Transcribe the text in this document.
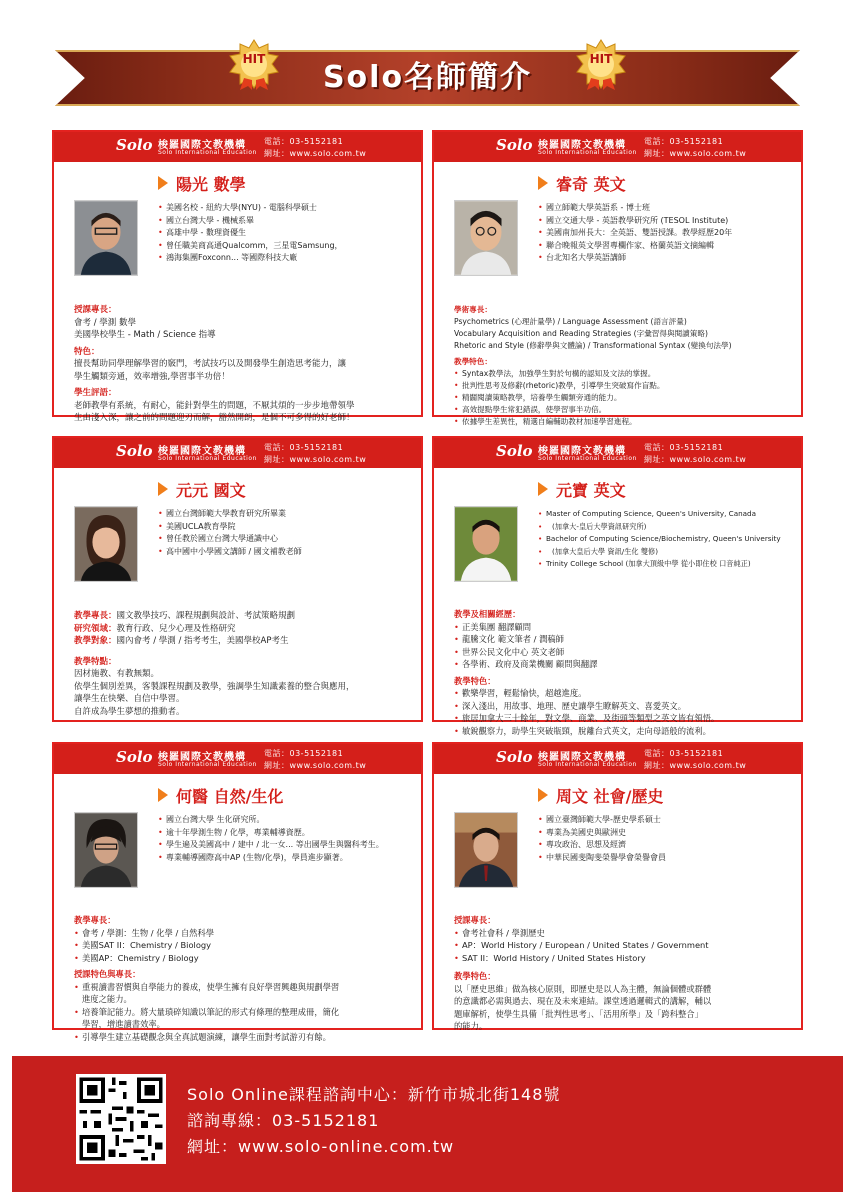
Solo名師簡介
HIT	HIT
Solo 梭羅國際文教機構
Solo International Education
電話：03-5152181
網址：www.solo.com.tw
陽光 數學
• 美國名校 - 紐約大學(NYU) - 電腦科學碩士
• 國立台灣大學 - 機械系畢
• 高雄中學 - 數理資優生
• 曾任職美商高通Qualcomm，三星電Samsung，
• 鴻海集團Foxconn... 等國際科技大廠
授課專長：
會考 / 學測 數學
美國學校學生 - Math / Science 指導
特色：
擅長幫助同學理解學習的竅門，考試技巧以及開發學生創造思考能力，讓
學生觸類旁通，效率增強,學習事半功倍！
學生評語：
老師教學有系統，有耐心，能針對學生的問題，不厭其煩的一步步地帶領學
生由淺入深，讓之前的問題迎刃而解，豁然開朗，是個不可多得的好老師！
Solo 梭羅國際文教機構
Solo International Education
電話：03-5152181
網址：www.solo.com.tw
睿奇 英文
• 國立師範大學英語系 - 博士班
• 國立交通大學 - 英語教學研究所 (TESOL Institute)
• 美國南加州長大：全英語、雙語授課。教學經歷20年
• 聯合晚報英文學習專欄作家、格蘭英語文摘編輯
• 台北知名大學英語講師
學術專長：
Psychometrics (心理計量學) / Language Assessment (語言評量)
Vocabulary Acquisition and Reading Strategies (字彙習得與閱讀策略)
Rhetoric and Style (修辭學與文體論) / Transformational Syntax (變換句法學)
教學特色：
• Syntax教學法，加強學生對於句構的認知及文法的掌握。
• 批判性思考及修辭(rhetoric)教學，引導學生突破寫作盲點。
• 精闢閱讀策略教學，培養學生觸類旁通的能力。
• 高效提點學生常犯錯誤，使學習事半功倍。
• 依據學生差異性，精選自編輔助教材加速學習進程。
Solo 梭羅國際文教機構
Solo International Education
電話：03-5152181
網址：www.solo.com.tw
元元 國文
• 國立台灣師範大學教育研究所畢業
• 美國UCLA教育學院
• 曾任教於國立台灣大學通識中心
• 高中國中小學國文講師 / 國文補教老師
教學專長：國文教學技巧、課程規劃與設計、考試策略規劃
研究領域：教育行政、兒少心理及性格研究
教學對象：國內會考 / 學測 / 指考考生，美國學校AP考生
教學特點：
因材施教、有教無類。
依學生個別差異，客製課程規劃及教學，強調學生知識素養的整合與應用，
讓學生在快樂、自信中學習。
自許成為學生夢想的推動者。
Solo 梭羅國際文教機構
Solo International Education
電話：03-5152181
網址：www.solo.com.tw
元寶 英文
• Master of Computing Science, Queen's University, Canada
• (加拿大-皇后大學資訊研究所)
• Bachelor of Computing Science/Biochemistry, Queen's University
• (加拿大皇后大學 資訊/生化 雙修)
• Trinity College School (加拿大頂級中學 從小即住校 口音純正)
教學及相關經歷：
• 正美集團 翻譯顧問
• 龍騰文化 範文筆者 / 潤稿師
• 世界公民文化中心 英文老師
• 各學術、政府及商業機關 顧問與翻譯
教學特色：
• 歡樂學習，輕鬆愉快，超越進度。
• 深入淺出，用故事、地理、歷史讓學生瞭解英文、喜愛英文。
• 旅居加拿大三十餘年，對文學、商業、及街頭等類型之英文皆有領悟。
• 敏銳觀察力，助學生突破瓶頸，脫離台式英文，走向母語般的流利。
Solo 梭羅國際文教機構
Solo International Education
電話：03-5152181
網址：www.solo.com.tw
何醫 自然/生化
• 國立台灣大學 生化研究所。
• 逾十年學測生物 / 化學，專業輔導資歷。
• 學生遍及美國高中 / 建中 / 北一女... 等出國學生與醫科考生。
• 專業輔導國際高中AP (生物/化學)，學員進步顯著。
教學專長：
• 會考 / 學測：生物 / 化學 / 自然科學
• 美國SAT II：Chemistry / Biology
• 美國AP：Chemistry / Biology
授課特色與專長：
• 重視讀書習慣與自學能力的養成，使學生擁有良好學習興趣與規劃學習
進度之能力。
• 培養筆記能力。將大量瑣碎知識以筆記的形式有條理的整理成冊，簡化
學習，增進讀書效率。
• 引導學生建立基礎觀念與全真試題演練，讓學生面對考試游刃有餘。
Solo 梭羅國際文教機構
Solo International Education
電話：03-5152181
網址：www.solo.com.tw
周文 社會/歷史
• 國立臺灣師範大學-歷史學系碩士
• 專業為美國史與歐洲史
• 專攻政治、思想及經濟
• 中華民國斐陶斐榮譽學會榮譽會員
授課專長：
• 會考社會科 / 學測歷史
• AP：World History / European / United States / Government
• SAT II：World History / United States History
教學特色：
以「歷史思維」做為核心原則，即歷史是以人為主體，無論個體或群體
的意識都必需與過去、現在及未來連結。課堂透過邏輯式的講解，輔以
題庫解析，使學生具備「批判性思考」、「活用所學」及「跨科整合」
的能力。
Solo Online課程諮詢中心：新竹市城北街148號
諮詢專線：03-5152181
網址：www.solo-online.com.tw
